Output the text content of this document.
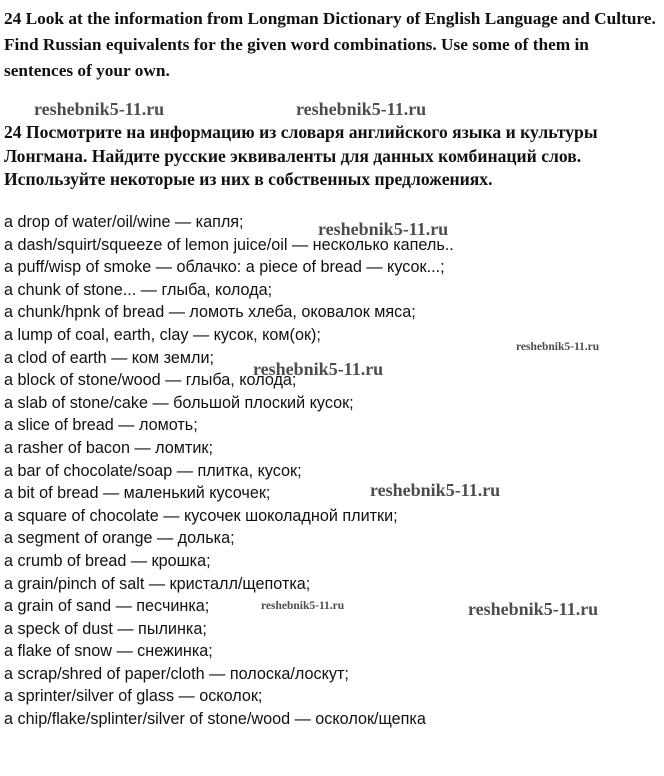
24 Look at the information from Longman Dictionary of English Language and Culture. Find Russian equivalents for the given word combinations. Use some of them in sentences of your own.

reshebnik5-11.ru	reshebnik5-11.ru

24 Посмотрите на информацию из словаря английского языка и культуры Лонгмана. Найдите русские эквиваленты для данных комбинаций слов. Используйте некоторые из них в собственных предложениях.

a drop of water/oil/wine — капля;
a dash/squirt/squeeze of lemon juice/oil — несколько капель..
a puff/wisp of smoke — облачко: a piece of bread — кусок...;
a chunk of stone... — глыба, колода;
a chunk/hpnk of bread — ломоть хлеба, оковалок мяса;
a lump of coal, earth, clay — кусок, ком(ок);
a clod of earth — ком земли;
a block of stone/wood — глыба, колода;
a slab of stone/cake — большой плоский кусок;
a slice of bread — ломоть;
a rasher of bacon — ломтик;
a bar of chocolate/soap — плитка, кусок;
a bit of bread — маленький кусочек;
a square of chocolate — кусочек шоколадной плитки;
a segment of orange — долька;
a crumb of bread — крошка;
a grain/pinch of salt — кристалл/щепотка;
a grain of sand — песчинка;
a speck of dust — пылинка;
a flake of snow — снежинка;
a scrap/shred of paper/cloth — полоска/лоскут;
a sprinter/silver of glass — осколок;
a chip/flake/splinter/silver of stone/wood — осколок/щепка
reshebnik5-11.ru
reshebnik5-11.ru
reshebnik5-11.ru
reshebnik5-11.ru
reshebnik5-11.ru	reshebnik5-11.ru
